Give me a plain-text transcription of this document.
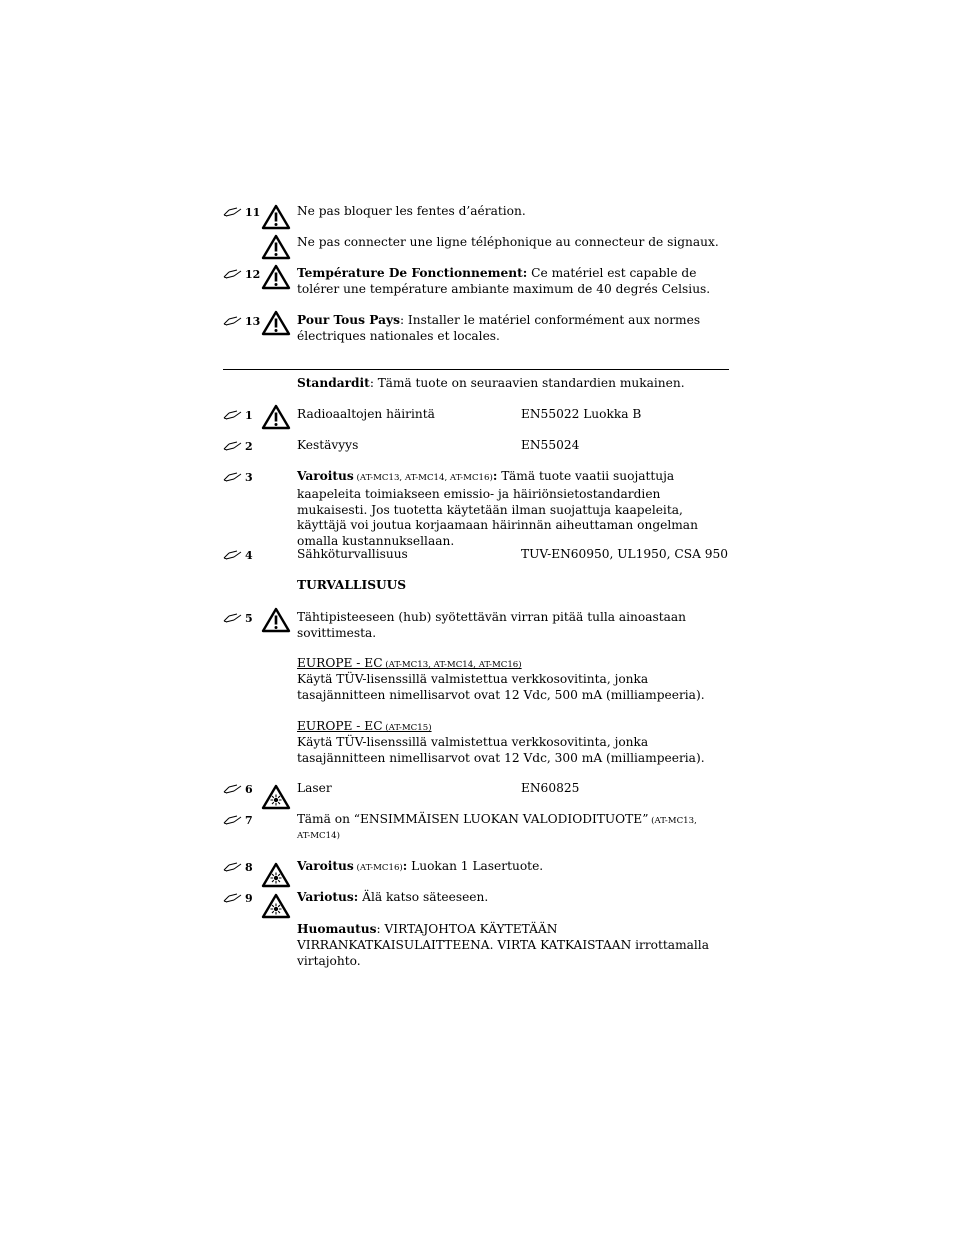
11	Ne pas bloquer les fentes d’aération.
Ne pas connecter une ligne téléphonique au connecteur de signaux.
12	Température De Fonctionnement: Ce matériel est capable de tolérer une température ambiante maximum de 40 degrés Celsius.
13	Pour Tous Pays: Installer le matériel conformément aux normes électriques nationales et locales.
Standardit: Tämä tuote on seuraavien standardien mukainen.
1	Radioaaltojen häirintä	EN55022 Luokka B
2	Kestävyys	EN55024
3	Varoitus (AT-MC13, AT-MC14, AT-MC16): Tämä tuote vaatii suojattuja kaapeleita toimiakseen emissio- ja häiriönsietostandardien mukaisesti. Jos tuotetta käytetään ilman suojattuja kaapeleita, käyttäjä voi joutua korjaamaan häirinnän aiheuttaman ongelman omalla kustannuksellaan.
4	Sähköturvallisuus	TUV-EN60950, UL1950, CSA 950
TURVALLISUUS
5	Tähtipisteeseen (hub) syötettävän virran pitää tulla ainoastaan sovittimesta.
EUROPE - EC (AT-MC13, AT-MC14, AT-MC16)
Käytä TÜV-lisenssillä valmistettua verkkosovitinta, jonka tasajännitteen nimellisarvot ovat 12 Vdc, 500 mA (milliampeeria).
EUROPE - EC (AT-MC15)
Käytä TÜV-lisenssillä valmistettua verkkosovitinta, jonka tasajännitteen nimellisarvot ovat 12 Vdc, 300 mA (milliampeeria).
6	Laser	EN60825
7	Tämä on “ENSIMMÄISEN LUOKAN VALODIODITUOTE” (AT-MC13,
AT-MC14)
8	Varoitus (AT-MC16): Luokan 1 Lasertuote.
9	Variotus: Älä katso säteeseen.
Huomautus: VIRTAJOHTOA KÄYTETÄÄN VIRRANKATKAISULAITTEENA. VIRTA KATKAISTAAN irrottamalla virtajohto.
